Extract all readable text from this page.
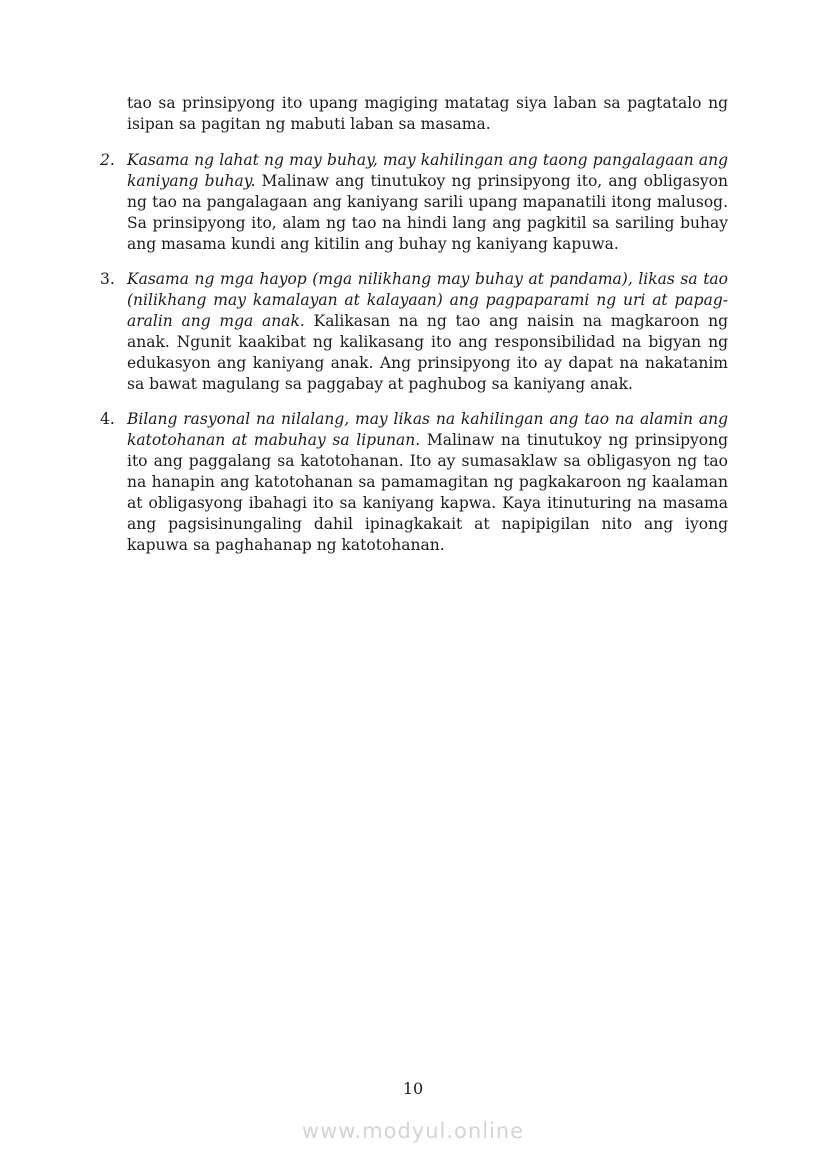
tao sa prinsipyong ito upang magiging matatag siya laban sa pagtatalo ng isipan sa pagitan ng mabuti laban sa masama.

2. Kasama ng lahat ng may buhay, may kahilingan ang taong pangalagaan ang kaniyang buhay. Malinaw ang tinutukoy ng prinsipyong ito, ang obligasyon ng tao na pangalagaan ang kaniyang sarili upang mapanatili itong malusog. Sa prinsipyong ito, alam ng tao na hindi lang ang pagkitil sa sariling buhay ang masama kundi ang kitilin ang buhay ng kaniyang kapuwa.
3. Kasama ng mga hayop (mga nilikhang may buhay at pandama), likas sa tao (nilikhang may kamalayan at kalayaan) ang pagpaparami ng uri at papag-aralin ang mga anak. Kalikasan na ng tao ang naisin na magkaroon ng anak. Ngunit kaakibat ng kalikasang ito ang responsibilidad na bigyan ng edukasyon ang kaniyang anak. Ang prinsipyong ito ay dapat na nakatanim sa bawat magulang sa paggabay at paghubog sa kaniyang anak.
4. Bilang rasyonal na nilalang, may likas na kahilingan ang tao na alamin ang katotohanan at mabuhay sa lipunan. Malinaw na tinutukoy ng prinsipyong ito ang paggalang sa katotohanan. Ito ay sumasaklaw sa obligasyon ng tao na hanapin ang katotohanan sa pamamagitan ng pagkakaroon ng kaalaman at obligasyong ibahagi ito sa kaniyang kapwa. Kaya itinuturing na masama ang pagsisinungaling dahil ipinagkakait at napipigilan nito ang iyong kapuwa sa paghahanap ng katotohanan.
10
www.modyul.online
